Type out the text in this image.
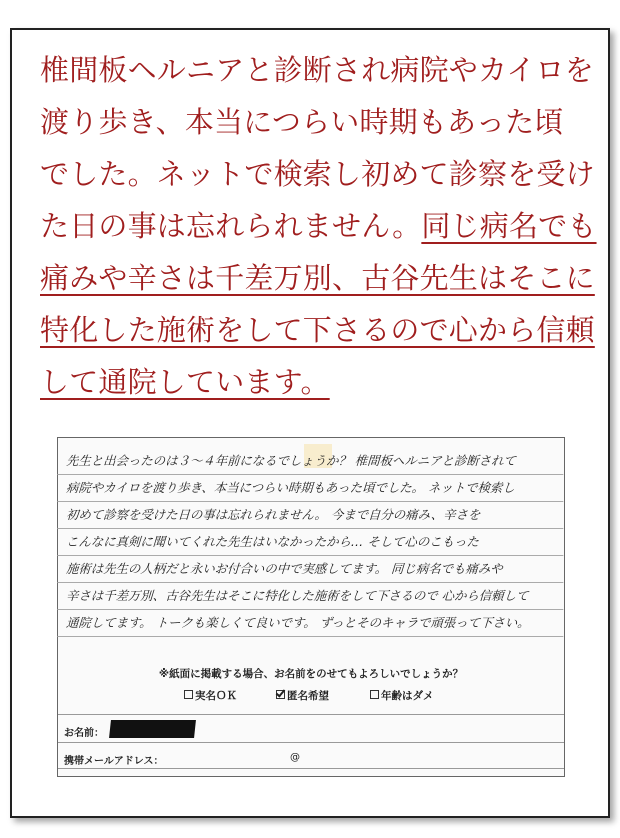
椎間板ヘルニアと診断され病院やカイロを
渡り歩き、本当につらい時期もあった頃
でした。ネットで検索し初めて診察を受け
た日の事は忘れられません。同じ病名でも
痛みや辛さは千差万別、古谷先生はそこに
特化した施術をして下さるので心から信頼
して通院しています。

先生と出会ったのは３〜４年前になるでしょうか？ 椎間板ヘルニアと診断されて
病院やカイロを渡り歩き、本当につらい時期もあった頃でした。 ネットで検索し
初めて診察を受けた日の事は忘れられません。 今まで自分の痛み、辛さを
こんなに真剣に聞いてくれた先生はいなかったから… そして心のこもった
施術は先生の人柄だと永いお付合いの中で実感してます。 同じ病名でも痛みや
辛さは千差万別、古谷先生はそこに特化した施術をして下さるので 心から信頼して
通院してます。 トークも楽しくて良いです。 ずっとそのキャラで頑張って下さい。
※紙面に掲載する場合、お名前をのせてもよろしいでしょうか？
実名ＯＫ	匿名希望	年齢はダメ
お名前：
携帯メールアドレス：	@
